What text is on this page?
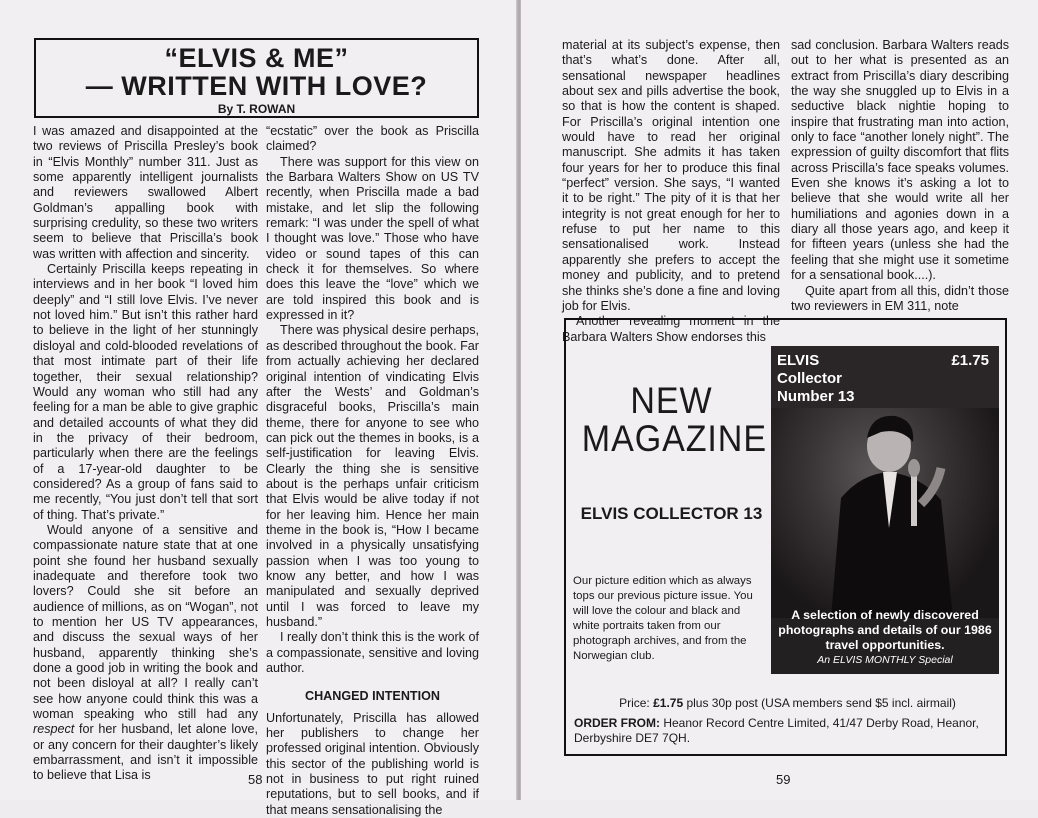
“ELVIS & ME”
— WRITTEN WITH LOVE?
By T. ROWAN

I was amazed and disappointed at the two reviews of Priscilla Presley’s book in “Elvis Monthly” number 311. Just as some apparently intelligent journalists and reviewers swallowed Albert Goldman’s appalling book with surprising credulity, so these two writers seem to believe that Priscilla’s book was written with affection and sincerity.

Certainly Priscilla keeps repeating in interviews and in her book “I loved him deeply” and “I still love Elvis. I’ve never not loved him.” But isn’t this rather hard to believe in the light of her stunningly disloyal and cold-blooded revelations of that most intimate part of their life together, their sexual relationship? Would any woman who still had any feeling for a man be able to give graphic and detailed accounts of what they did in the privacy of their bedroom, particularly when there are the feelings of a 17-year-old daughter to be considered? As a group of fans said to me recently, “You just don’t tell that sort of thing. That’s private.”

Would anyone of a sensitive and compassionate nature state that at one point she found her husband sexually inadequate and therefore took two lovers? Could she sit before an audience of millions, as on “Wogan”, not to mention her US TV appearances, and discuss the sexual ways of her husband, apparently thinking she’s done a good job in writing the book and not been disloyal at all? I really can’t see how anyone could think this was a woman speaking who still had any respect for her husband, let alone love, or any concern for their daughter’s likely embarrassment, and isn’t it impossible to believe that Lisa is

“ecstatic” over the book as Priscilla claimed?

There was support for this view on the Barbara Walters Show on US TV recently, when Priscilla made a bad mistake, and let slip the following remark: “I was under the spell of what I thought was love.” Those who have video or sound tapes of this can check it for themselves. So where does this leave the “love” which we are told inspired this book and is expressed in it?

There was physical desire perhaps, as described throughout the book. Far from actually achieving her declared original intention of vindicating Elvis after the Wests’ and Goldman’s disgraceful books, Priscilla’s main theme, there for anyone to see who can pick out the themes in books, is a self-justification for leaving Elvis. Clearly the thing she is sensitive about is the perhaps unfair criticism that Elvis would be alive today if not for her leaving him. Hence her main theme in the book is, “How I became involved in a physically unsatisfying passion when I was too young to know any better, and how I was manipulated and sexually deprived until I was forced to leave my husband.”

I really don’t think this is the work of a compassionate, sensitive and loving author.

CHANGED INTENTION

Unfortunately, Priscilla has allowed her publishers to change her professed original intention. Obviously this sector of the publishing world is not in business to put right ruined reputations, but to sell books, and if that means sensationalising the

58

material at its subject’s expense, then that’s what’s done. After all, sensational newspaper headlines about sex and pills advertise the book, so that is how the content is shaped. For Priscilla’s original intention one would have to read her original manuscript. She admits it has taken four years for her to produce this final “perfect” version. She says, “I wanted it to be right.” The pity of it is that her integrity is not great enough for her to refuse to put her name to this sensationalised work. Instead apparently she prefers to accept the money and publicity, and to pretend she thinks she’s done a fine and loving job for Elvis.

Another revealing moment in the Barbara Walters Show endorses this

sad conclusion. Barbara Walters reads out to her what is presented as an extract from Priscilla’s diary describing the way she snuggled up to Elvis in a seductive black nightie hoping to inspire that frustrating man into action, only to face “another lonely night”. The expression of guilty discomfort that flits across Priscilla’s face speaks volumes. Even she knows it’s asking a lot to believe that she would write all her humiliations and agonies down in a diary all those years ago, and keep it for fifteen years (unless she had the feeling that she might use it sometime for a sensational book....).

Quite apart from all this, didn’t those two reviewers in EM 311, note

NEW
MAGAZINE
ELVIS COLLECTOR 13
Our picture edition which as always tops our previous picture issue. You will love the colour and black and white portraits taken from our photograph archives, and from the Norwegian club.
ELVIS
Collector
Number 13
£1.75
A selection of newly discovered photographs and details of our 1986 travel opportunities.
An ELVIS MONTHLY Special
Price: £1.75 plus 30p post (USA members send $5 incl. airmail)
ORDER FROM: Heanor Record Centre Limited, 41/47 Derby Road, Heanor, Derbyshire DE7 7QH.
59
